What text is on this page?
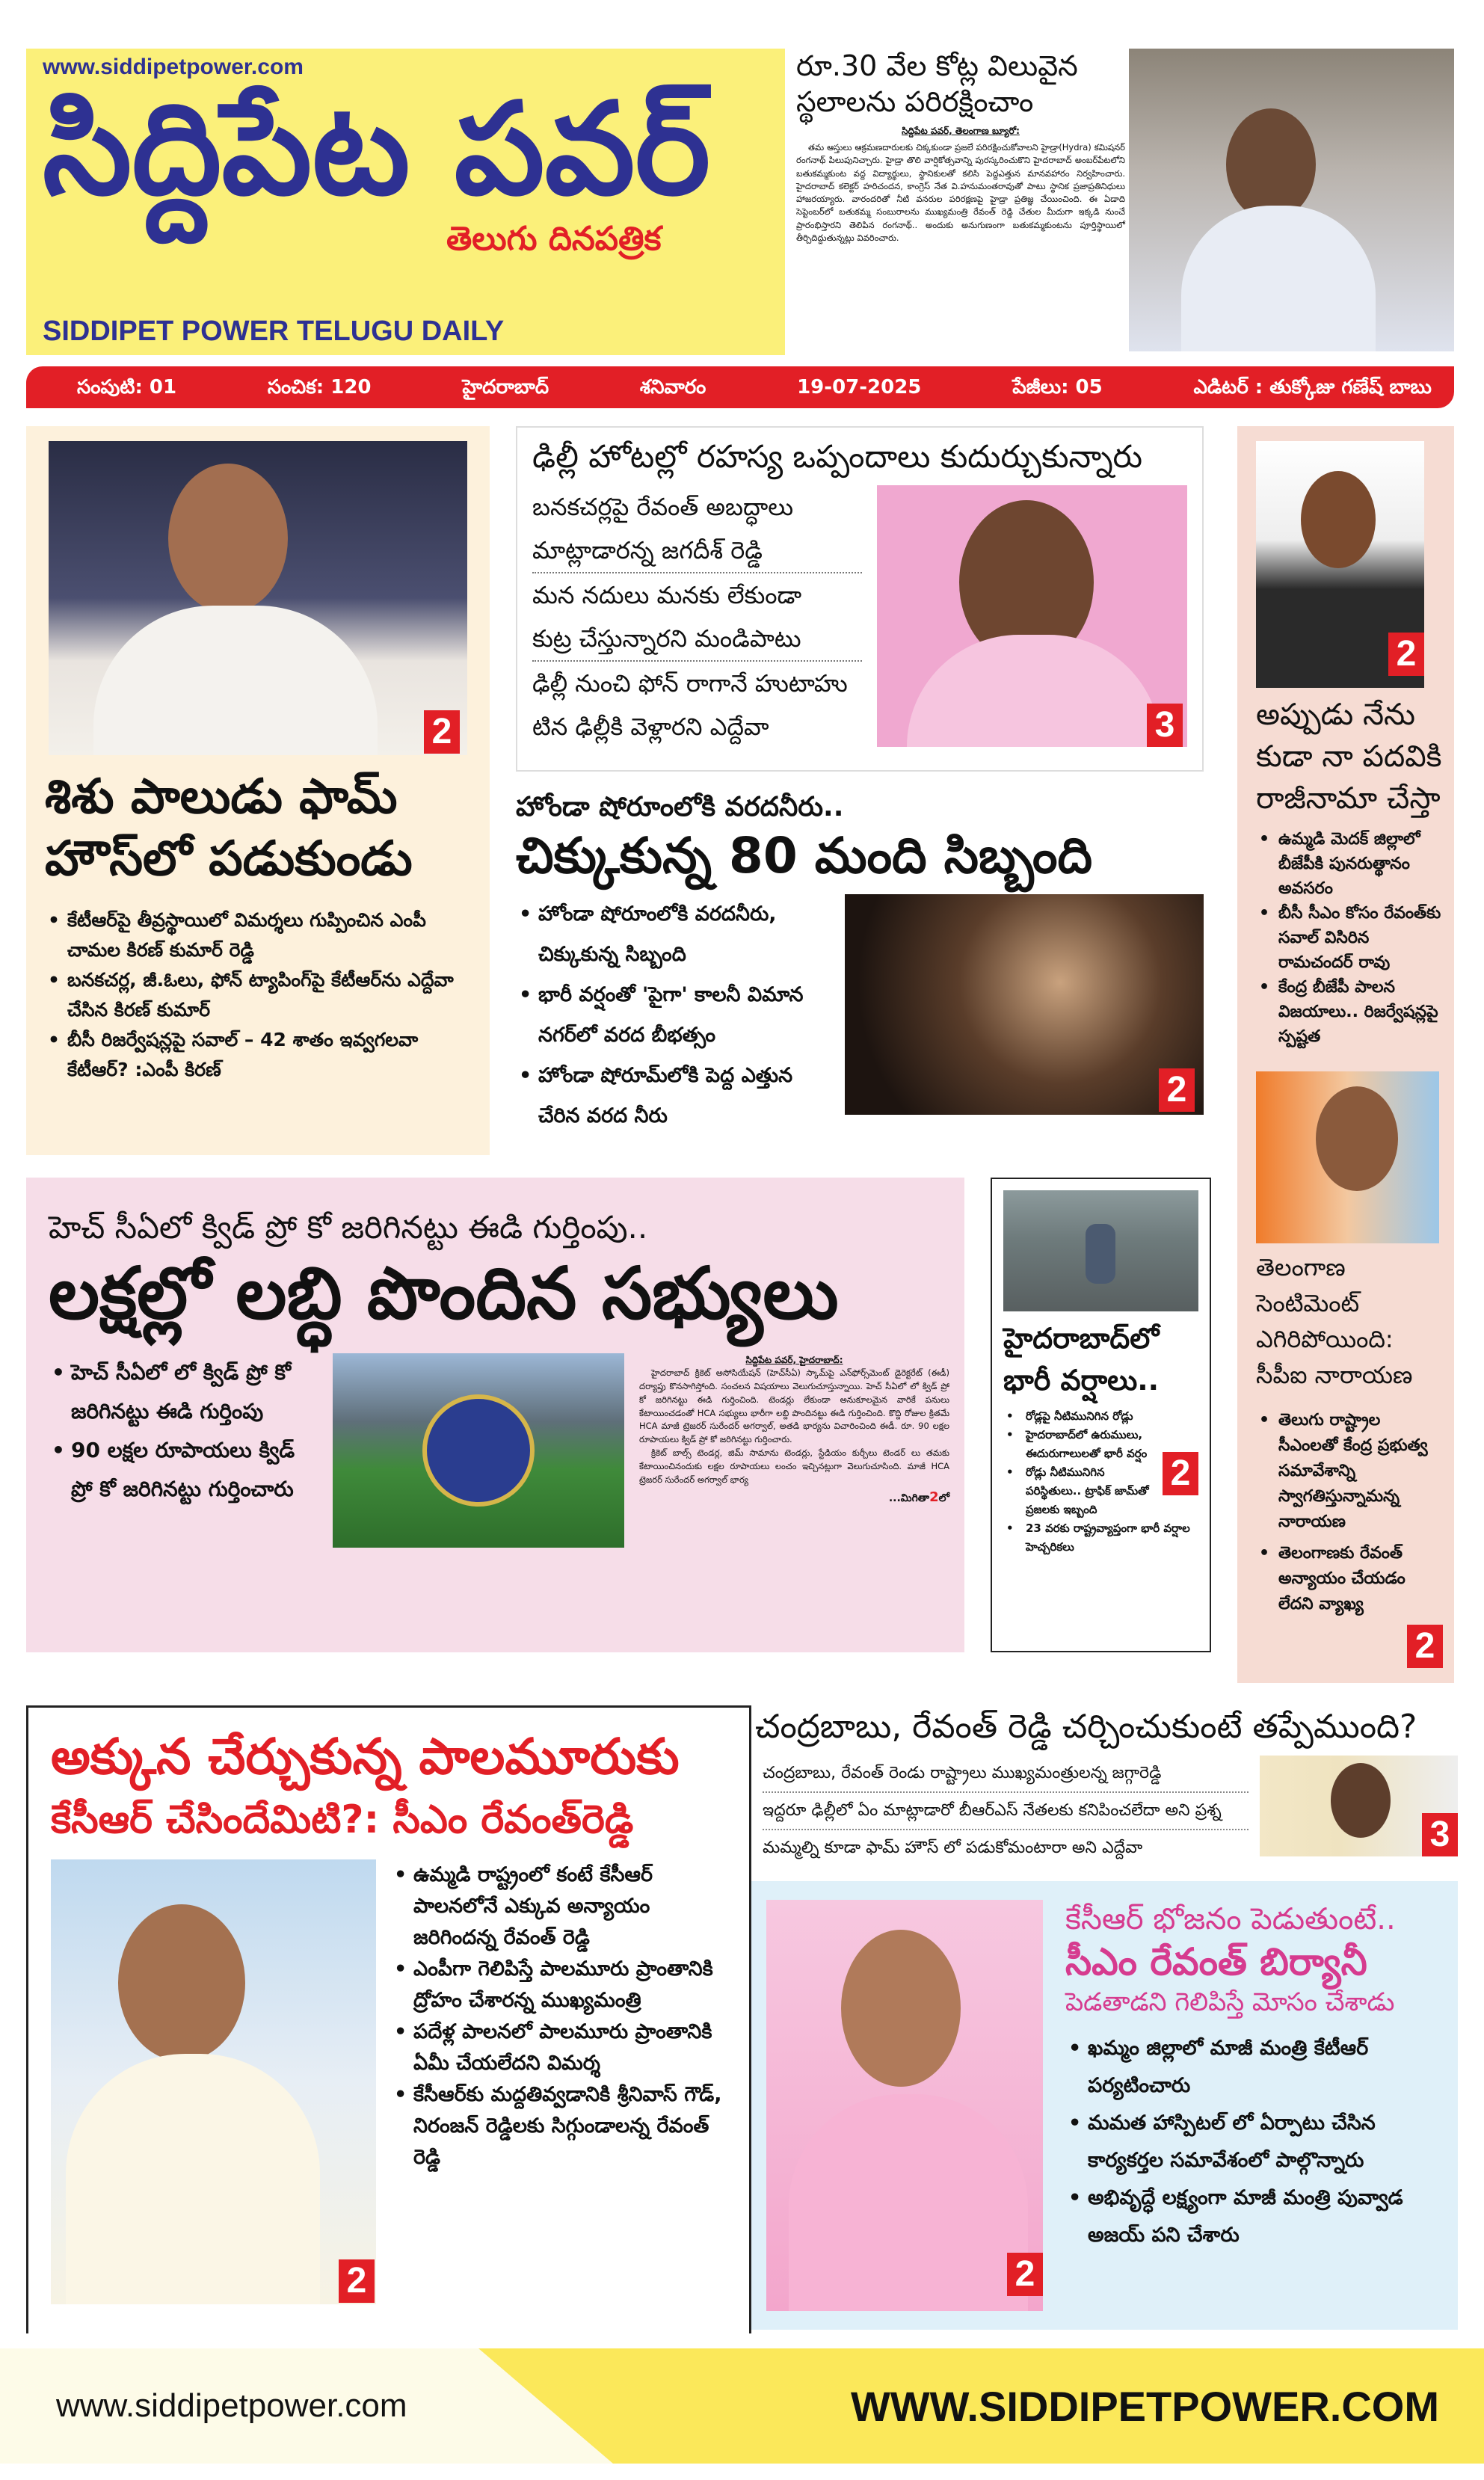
www.siddipetpower.com
సిద్దిపేట పవర్
తెలుగు దినపత్రిక
SIDDIPET POWER TELUGU DAILY
రూ.30 వేల కోట్ల విలువైన
స్థలాలను పరిరక్షించాం
సిద్దిపేట పవర్, తెలంగాణ బ్యూరో:
తమ ఆస్తులు ఆక్రమణదారులకు చిక్కకుండా ప్రజలే పరిరక్షించుకోవాలని హైడ్రా(Hydra) కమిషనర్ రంగనాథ్ పిలుపునిచ్చారు. హైడ్రా తొలి వార్షికోత్సవాన్ని పురస్కరించుకొని హైదరాబాద్ అంబర్‌పేటలోని బతుకమ్మకుంట వద్ద విద్యార్థులు, స్థానికులతో కలిసి పెద్దఎత్తున మానవహారం నిర్వహించారు. హైదరాబాద్ కలెక్టర్ హరిచందన, కాంగ్రెస్ నేత వి.హనుమంతరావుతో పాటు స్థానిక ప్రజాప్రతినిధులు హాజరయ్యారు. వారందరితో నీటి వనరుల పరిరక్షణపై హైడ్రా ప్రతిజ్ఞ చేయించింది. ఈ ఏడాది సెప్టెంబర్‌లో బతుకమ్మ సంబురాలను ముఖ్యమంత్రి రేవంత్ రెడ్డి చేతుల మీదుగా ఇక్కడి నుంచే ప్రారంభిస్తారని తెలిపిన రంగనాథ్.. అందుకు అనుగుణంగా బతుకమ్మకుంటను పూర్తిస్థాయిలో తీర్చిదిద్దుతున్నట్లు వివరించారు.
సంపుటి: 01	సంచిక: 120	హైదరాబాద్	శనివారం	19-07-2025	పేజీలు: 05	ఎడిటర్ : తుక్కోజు గణేష్ బాబు
2
శిశు పాలుడు ఫామ్ హౌస్‌లో పడుకుండు
• కేటీఆర్‌పై తీవ్రస్థాయిలో విమర్శలు గుప్పించిన ఎంపీ చామల కిరణ్ కుమార్ రెడ్డి
• బనకచర్ల, జీ.ఓలు, ఫోన్ ట్యాపింగ్‌పై కేటీఆర్‌ను ఎద్దేవా చేసిన కిరణ్ కుమార్
• బీసీ రిజర్వేషన్లపై సవాల్ – 42 శాతం ఇవ్వగలవా కేటీఆర్? :ఎంపీ కిరణ్
ఢిల్లీ హోటల్లో రహస్య ఒప్పందాలు కుదుర్చుకున్నారు
బనకచర్లపై రేవంత్ అబద్ధాలు
మాట్లాడారన్న జగదీశ్ రెడ్డి
మన నదులు మనకు లేకుండా
కుట్ర చేస్తున్నారని మండిపాటు
ఢిల్లీ నుంచి ఫోన్ రాగానే హుటాహు
టిన ఢిల్లీకి వెళ్లారని ఎద్దేవా	3
హోండా షోరూంలోకి వరదనీరు..
చిక్కుకున్న 80 మంది సిబ్బంది
• హోండా షోరూంలోకి వరదనీరు, చిక్కుకున్న సిబ్బంది
• భారీ వర్షంతో 'పైగా' కాలనీ విమాన నగర్‌లో వరద బీభత్సం
• హోండా షోరూమ్‌లోకి పెద్ద ఎత్తున చేరిన వరద నీరు
2
హెచ్ సీఏలో క్విడ్ ప్రో కో జరిగినట్టు ఈడి గుర్తింపు..
లక్షల్లో లబ్ధి పొందిన సభ్యులు
• హెచ్ సీఏలో లో క్విడ్ ప్రో కో జరిగినట్టు ఈడి గుర్తింపు
• 90 లక్షల రూపాయలు క్విడ్ ప్రో కో జరిగినట్టు గుర్తించారు
సిద్దిపేట పవర్, హైదరాబాద్:

హైదరాబాద్ క్రికెట్ అసోసియేషన్ (హెచ్‌సీఏ) స్కామ్‌పై ఎన్‌ఫోర్స్‌మెంట్ డైరెక్టరేట్ (ఈడీ) దర్యాప్తు కొనసాగిస్తోంది. సంచలన విషయాలు వెలుగుచూస్తున్నాయి. హెచ్ సీఏలో లో క్విడ్ ప్రో కో జరిగినట్టు ఈడి గుర్తించింది. టెండర్లు లేకుండా అనుకూలమైన వారికే పనులు కేటాయించడంతో HCA సభ్యులు భారీగా లబ్ది పొందినట్టు ఈడి గుర్తించింది. కొద్ది రోజుల క్రితమే HCA మాజీ ట్రెజరర్ సురేందర్ అగర్వాల్, అతడి భార్యను విచారించింది ఈడీ. రూ. 90 లక్షల రూపాయలు క్విడ్ ప్రో కో జరిగినట్టు గుర్తించారు.

క్రికెట్ బాల్స్ టెండర్ల, జిమ్ సామాను టెండర్లు, స్టేడియం కుర్చీలు టెండర్ లు తమకు కేటాయించినందుకు లక్షల రూపాయలు లంచం ఇచ్చినట్లుగా వెలుగుచూసింది. మాజీ HCA ట్రెజరర్ సురేందర్ అగర్వాల్ భార్య

...మిగితా2లో
హైదరాబాద్‌లో భారీ వర్షాలు..
2
• రోడ్లపై నీటిమునిగిన రోడ్లు
• హైదరాబాద్‌లో ఉరుములు, ఈదురుగాలులతో భారీ వర్షం
• రోడ్లు నీటిమునిగిన పరిస్థితులు.. ట్రాఫిక్ జామ్‌తో ప్రజలకు ఇబ్బంది
• 23 వరకు రాష్ట్రవ్యాప్తంగా భారీ వర్షాల హెచ్చరికలు
2
అప్పుడు నేను కుడా నా పదవికి రాజీనామా చేస్తా
• ఉమ్మడి మెదక్ జిల్లాలో బీజేపీకి పునరుత్థానం అవసరం
• బీసీ సీఎం కోసం రేవంత్‌కు సవాల్ విసిరిన రామచందర్ రావు
• కేంద్ర బీజేపీ పాలన విజయాలు.. రిజర్వేషన్లపై స్పష్టత
తెలంగాణ సెంటిమెంట్ ఎగిరిపోయింది: సీపీఐ నారాయణ
• తెలుగు రాష్ట్రాల సీఎంలతో కేంద్ర ప్రభుత్వ సమావేశాన్ని స్వాగతిస్తున్నామన్న నారాయణ
• తెలంగాణకు రేవంత్ అన్యాయం చేయడం లేదని వ్యాఖ్య
2
అక్కున చేర్చుకున్న పాలమూరుకు
కేసీఆర్ చేసిందేమిటి?: సీఎం రేవంత్‌రెడ్డి
2
• ఉమ్మడి రాష్ట్రంలో కంటే కేసీఆర్ పాలనలోనే ఎక్కువ అన్యాయం జరిగిందన్న రేవంత్ రెడ్డి
• ఎంపీగా గెలిపిస్తే పాలమూరు ప్రాంతానికి ద్రోహం చేశారన్న ముఖ్యమంత్రి
• పదేళ్ల పాలనలో పాలమూరు ప్రాంతానికి ఏమీ చేయలేదని విమర్శ
• కేసీఆర్‌కు మద్దతివ్వడానికి శ్రీనివాస్ గౌడ్, నిరంజన్ రెడ్డిలకు సిగ్గుండాలన్న రేవంత్ రెడ్డి
చంద్రబాబు, రేవంత్ రెడ్డి చర్చించుకుంటే తప్పేముంది?
చంద్రబాబు, రేవంత్ రెండు రాష్ట్రాలు ముఖ్యమంత్రులన్న జగ్గారెడ్డి
ఇద్దరూ ఢిల్లీలో ఏం మాట్లాడారో బీఆర్ఎస్ నేతలకు కనిపించలేదా అని ప్రశ్న
మమ్మల్ని కూడా ఫామ్ హౌస్ లో పడుకోమంటారా అని ఎద్దేవా	3
2
కేసీఆర్ భోజనం పెడుతుంటే..
సీఎం రేవంత్ బిర్యానీ
పెడతాడని గెలిపిస్తే మోసం చేశాడు
• ఖమ్మం జిల్లాలో మాజీ మంత్రి కేటీఆర్ పర్యటించారు
• మమత హాస్పిటల్ లో ఏర్పాటు చేసిన కార్యకర్తల సమావేశంలో పాల్గొన్నారు
• అభివృద్ధే లక్ష్యంగా మాజీ మంత్రి పువ్వాడ అజయ్ పని చేశారు
www.siddipetpower.com	WWW.SIDDIPETPOWER.COM
